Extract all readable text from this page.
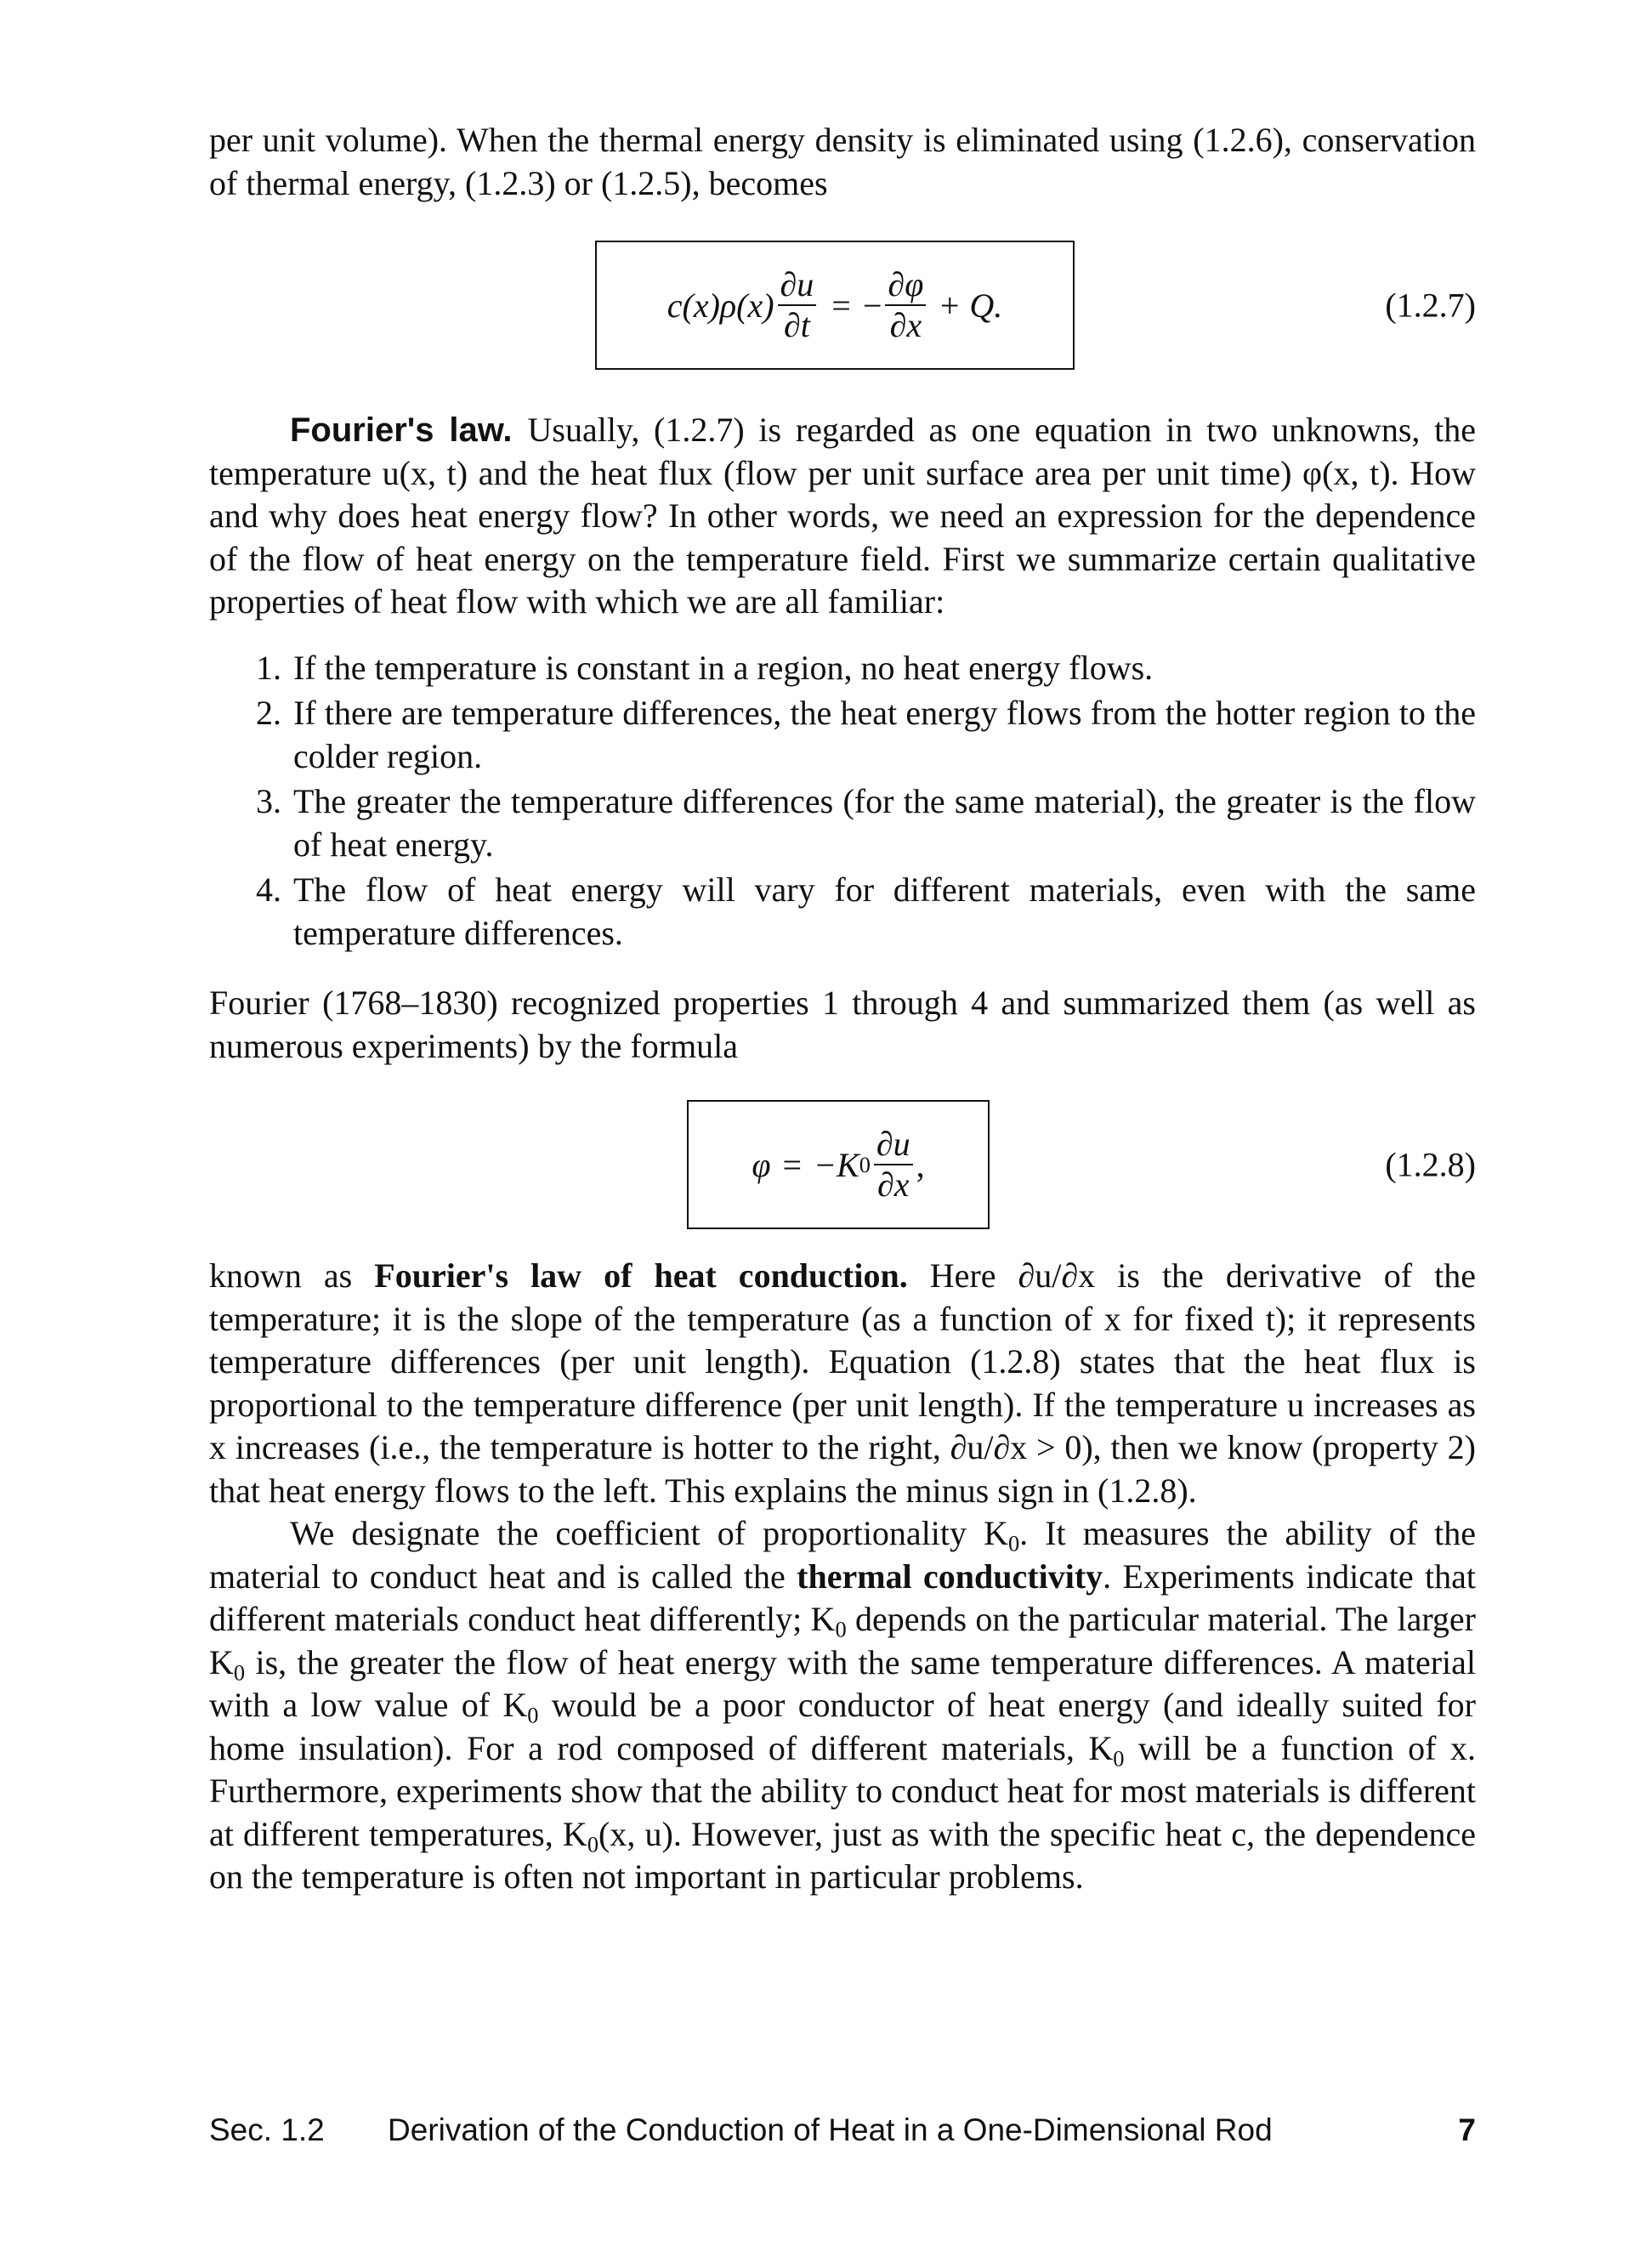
per unit volume). When the thermal energy density is eliminated using (1.2.6), conservation of thermal energy, (1.2.3) or (1.2.5), becomes

$c(x)\rho(x) \frac{\partial u}{\partial t}$ = − $\frac{\partial\varphi}{\partial x} + Q$.	(1.2.7)

Fourier's law. Usually, (1.2.7) is regarded as one equation in two unknowns, the temperature u(x, t) and the heat flux (flow per unit surface area per unit time) φ(x, t). How and why does heat energy flow? In other words, we need an expression for the dependence of the flow of heat energy on the temperature field. First we summarize certain qualitative properties of heat flow with which we are all familiar:

1. If the temperature is constant in a region, no heat energy flows.
2. If there are temperature differences, the heat energy flows from the hotter region to the colder region.
3. The greater the temperature differences (for the same material), the greater is the flow of heat energy.
4. The flow of heat energy will vary for different materials, even with the same temperature differences.

Fourier (1768–1830) recognized properties 1 through 4 and summarized them (as well as numerous experiments) by the formula

φ = −K $0 \frac{\partial u}{\partial x}$ ,	(1.2.8)

known as Fourier's law of heat conduction. Here ∂u/∂x is the derivative of the temperature; it is the slope of the temperature (as a function of x for fixed t); it represents temperature differences (per unit length). Equation (1.2.8) states that the heat flux is proportional to the temperature difference (per unit length). If the temperature u increases as x increases (i.e., the temperature is hotter to the right, ∂u/∂x > 0), then we know (property 2) that heat energy flows to the left. This explains the minus sign in (1.2.8).

We designate the coefficient of proportionality $K_0$. It measures the ability of the material to conduct heat and is called the thermal conductivity. Experiments indicate that different materials conduct heat differently; $K_0$ depends on the particular material. The larger $K_0$ is, the greater the flow of heat energy with the same temperature differences. A material with a low value of $K_0$ would be a poor conductor of heat energy (and ideally suited for home insulation). For a rod composed of different materials, $K_0$ will be a function of x. Furthermore, experiments show that the ability to conduct heat for most materials is different at different temperatures, $K_0(x$, u). However, just as with the specific heat c, the dependence on the temperature is often not important in particular problems.

Sec. 1.2 Derivation of the Conduction of Heat in a One-Dimensional Rod	7
